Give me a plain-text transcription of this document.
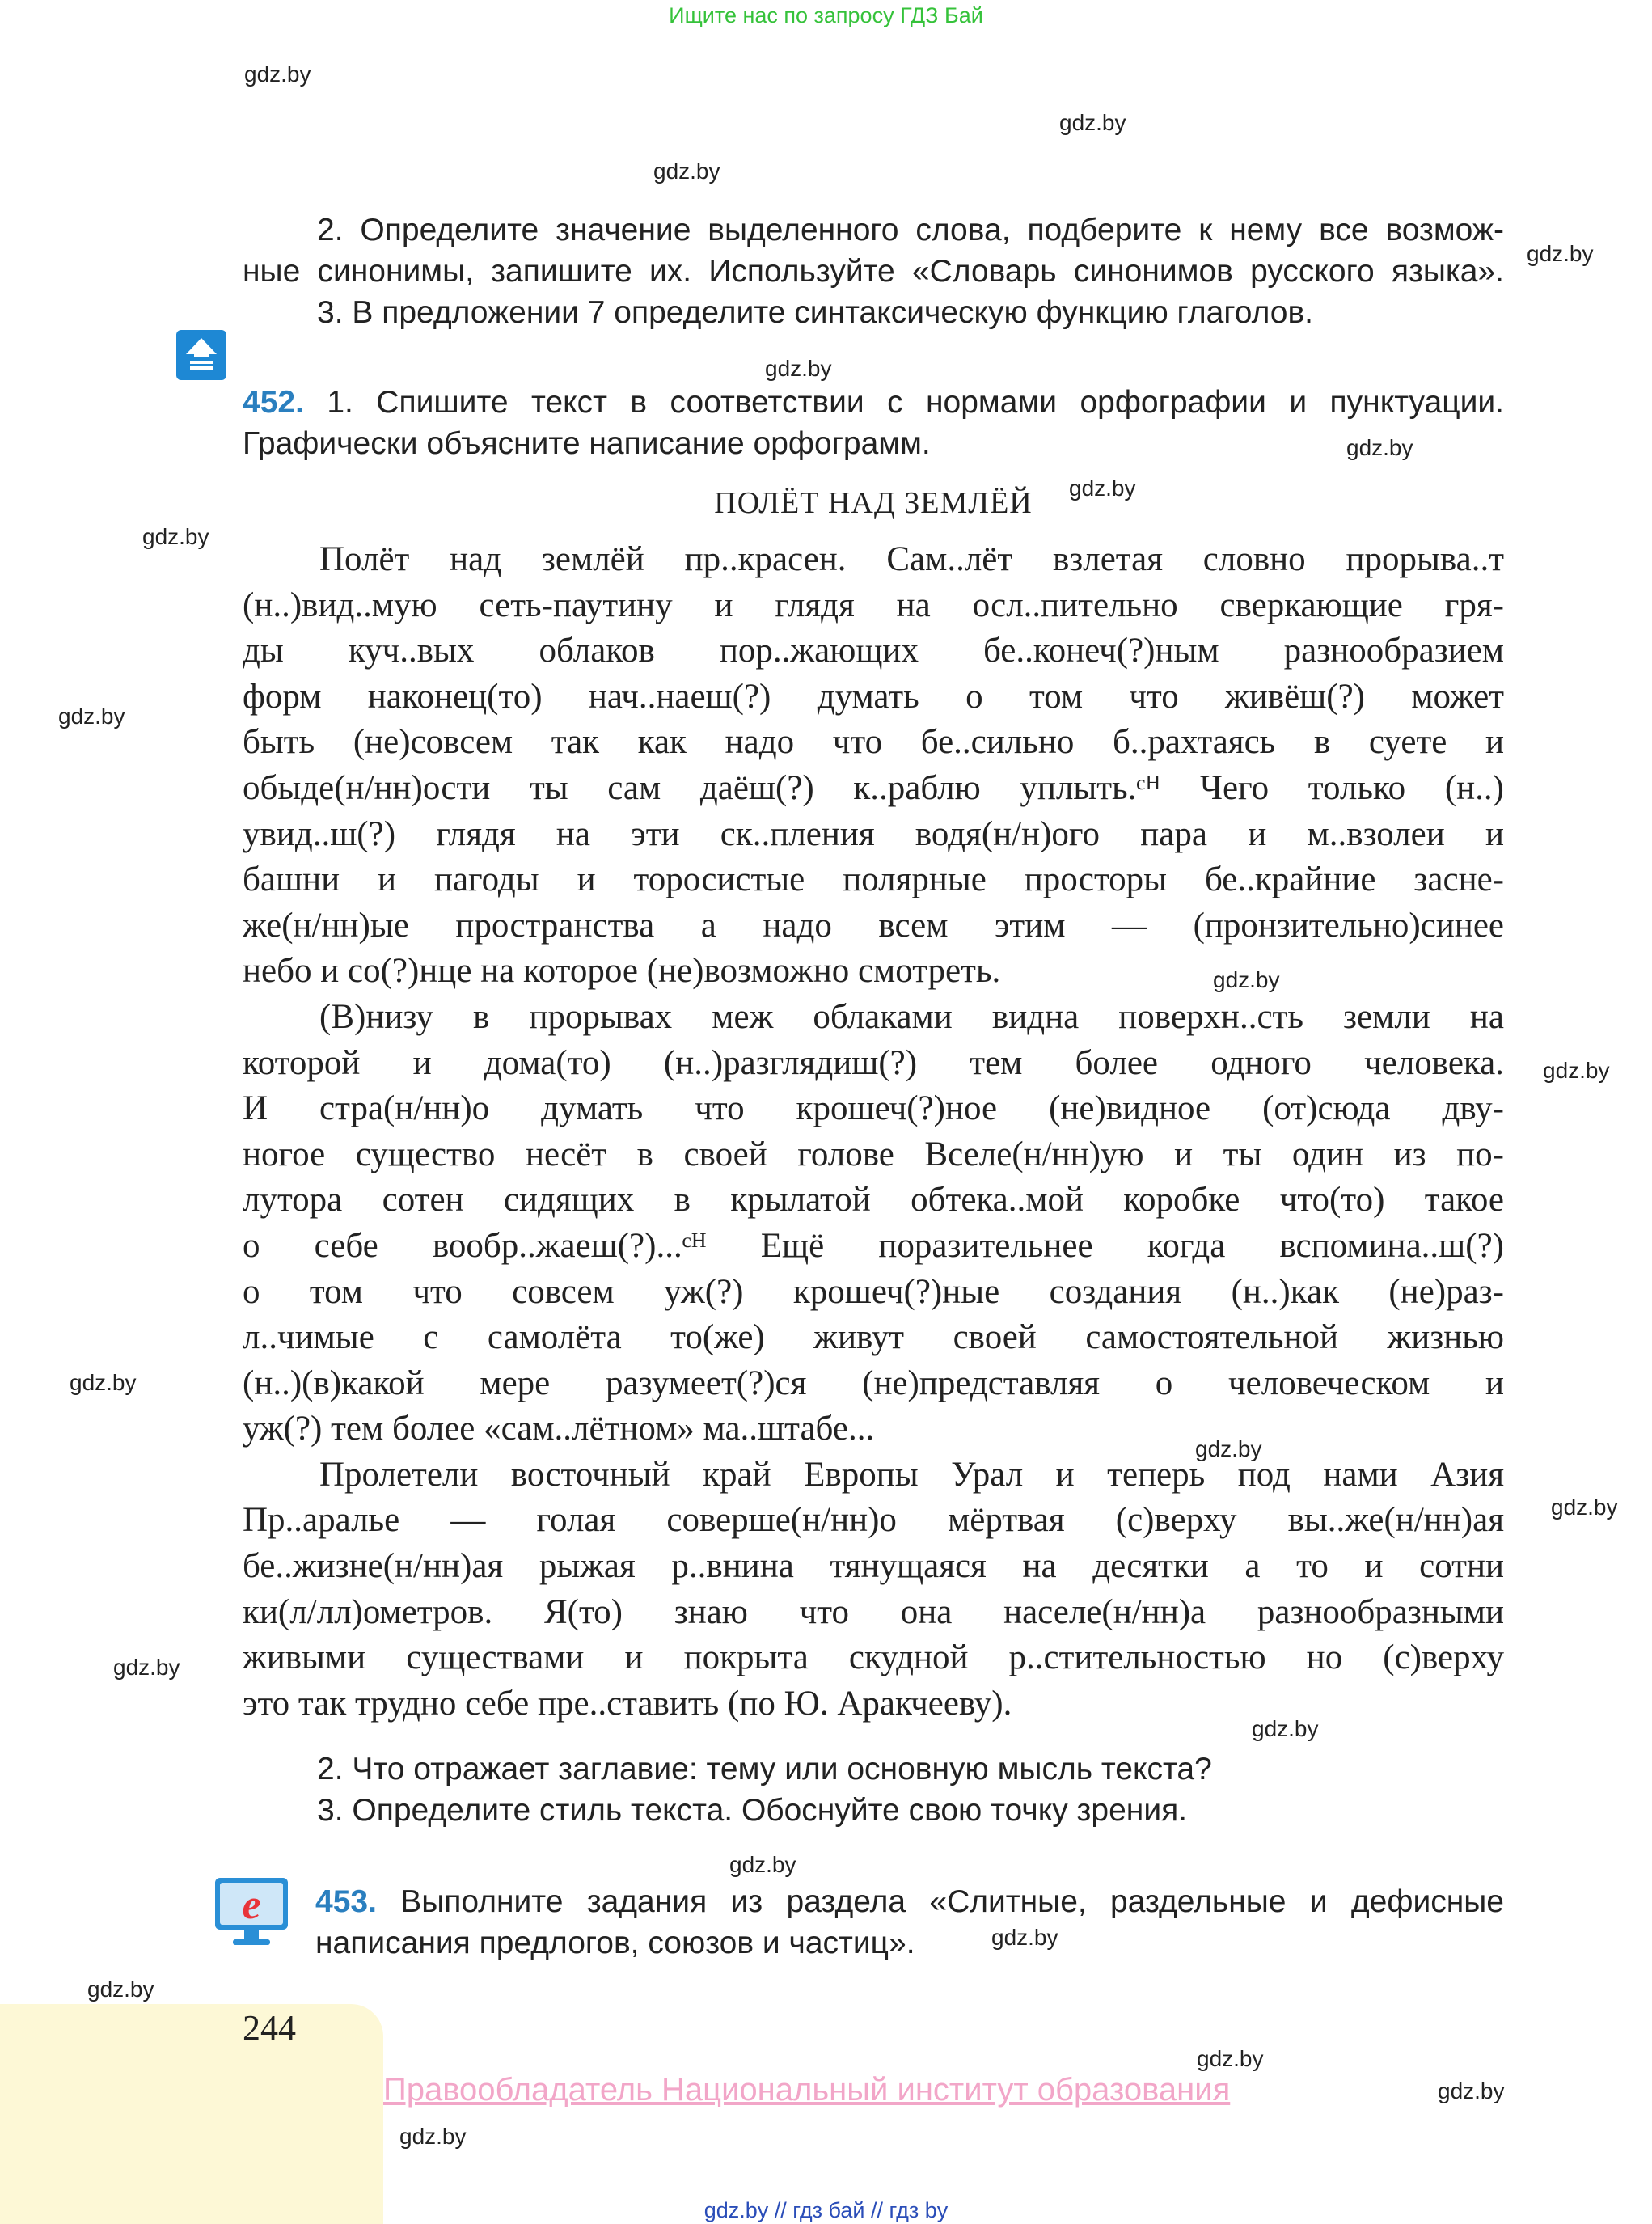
Ищите нас по запросу ГДЗ Бай
gdz.by
gdz.by
gdz.by
gdz.by
gdz.by
gdz.by
gdz.by
gdz.by
gdz.by
gdz.by
gdz.by
gdz.by
gdz.by
gdz.by
gdz.by
gdz.by
gdz.by
gdz.by
gdz.by
gdz.by
gdz.by
gdz.by
2. Определите значение выделенного слова, подберите к нему все возмож-
ные синонимы, запишите их. Используйте «Словарь синонимов русского языка».
3. В предложении 7 определите синтаксическую функцию глаголов.
452. 1. Спишите текст в соответствии с нормами орфографии и пунктуации.
Графически объясните написание орфограмм.
ПОЛЁТ НАД ЗЕМЛЁЙ
Полёт над землёй пр..красен. Сам..лёт взлетая словно прорыва..т
(н..)вид..мую сеть-паутину и глядя на осл..пительно сверкающие гря-
ды куч..вых облаков пор..жающих бе..конеч(?)ным разнообразием
форм наконец(то) нач..наеш(?) думать о том что живёш(?) может
быть (не)совсем так как надо что бе..сильно б..рахтаясь в суете и
обыде(н/нн)ости ты сам даёш(?) к..раблю уплыть.ᶜᴴ Чего только (н..)
увид..ш(?) глядя на эти ск..пления водя(н/н)ого пара и м..взолеи и
башни и пагоды и торосистые полярные просторы бе..крайние засне-
же(н/нн)ые пространства а надо всем этим — (пронзительно)синее
небо и со(?)нце на которое (не)возможно смотреть.
(В)низу в прорывах меж облаками видна поверхн..сть земли на
которой и дома(то) (н..)разглядиш(?) тем более одного человека.
И стра(н/нн)о думать что крошеч(?)ное (не)видное (от)сюда дву-
ногое существо несёт в своей голове Вселе(н/нн)ую и ты один из по-
лутора сотен сидящих в крылатой обтека..мой коробке что(то) такое
о себе вообр..жаеш(?)...ᶜᴴ Ещё поразительнее когда вспомина..ш(?)
о том что совсем уж(?) крошеч(?)ные создания (н..)как (не)раз-
л..чимые с самолёта то(же) живут своей самостоятельной жизнью
(н..)(в)какой мере разумеет(?)ся (не)представляя о человеческом и
уж(?) тем более «сам..лётном» ма..штабе...
Пролетели восточный край Европы Урал и теперь под нами Азия
Пр..аралье — голая соверше(н/нн)о мёртвая (с)верху вы..же(н/нн)ая
бе..жизне(н/нн)ая рыжая р..внина тянущаяся на десятки а то и сотни
ки(л/лл)ометров. Я(то) знаю что она населе(н/нн)а разнообразными
живыми существами и покрыта скудной р..стительностью но (с)верху
это так трудно себе пре..ставить (по Ю. Аракчееву).
2. Что отражает заглавие: тему или основную мысль текста?
3. Определите стиль текста. Обоснуйте свою точку зрения.
e 453. Выполните задания из раздела «Слитные, раздельные и дефисные
написания предлогов, союзов и частиц».
244
Правообладатель Национальный институт образования
gdz.by // гдз бай // гдз by
